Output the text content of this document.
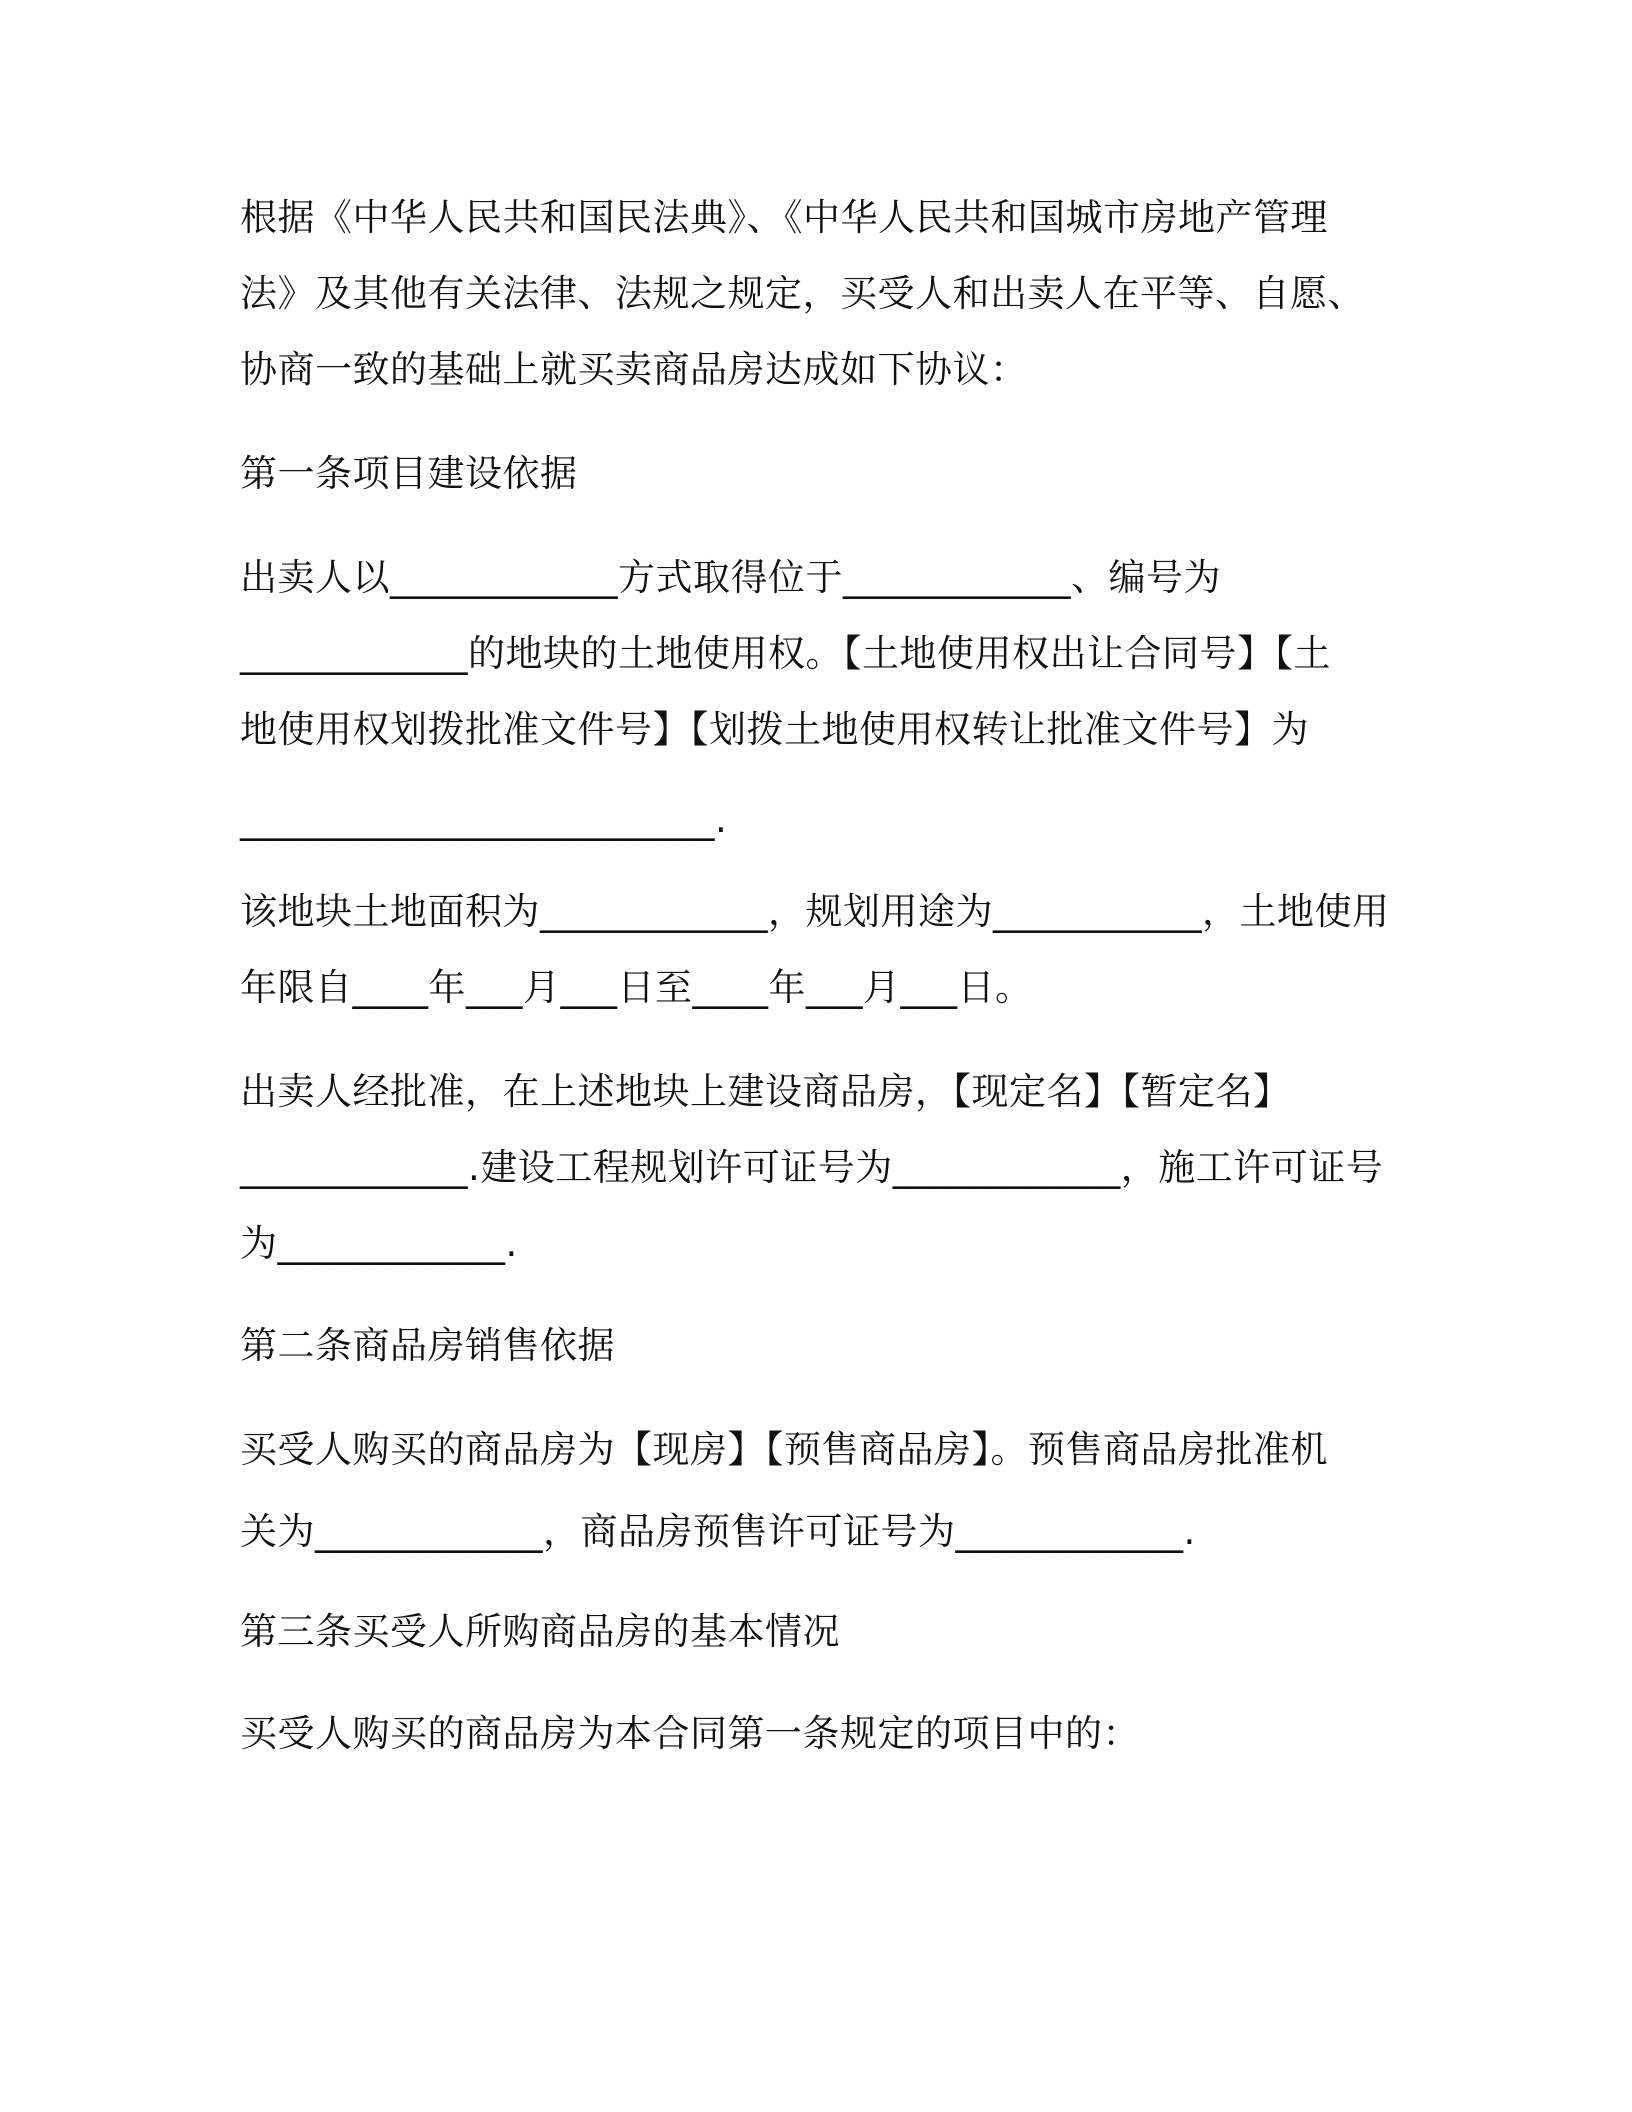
根据《中华人民共和国民法典》、《中华人民共和国城市房地产管理
法》及其他有关法律、法规之规定，买受人和出卖人在平等、自愿、
协商一致的基础上就买卖商品房达成如下协议：
第一条项目建设依据
出卖人以____________方式取得位于____________、编号为
____________的地块的土地使用权。【土地使用权出让合同号】【土
地使用权划拨批准文件号】【划拨土地使用权转让批准文件号】为
_________________________.
该地块土地面积为____________，规划用途为___________，土地使用
年限自____年___月___日至____年___月___日。
出卖人经批准，在上述地块上建设商品房，【现定名】【暂定名】
____________.建设工程规划许可证号为____________，施工许可证号
为____________.
第二条商品房销售依据
买受人购买的商品房为【现房】【预售商品房】。预售商品房批准机
关为____________，商品房预售许可证号为____________.
第三条买受人所购商品房的基本情况
买受人购买的商品房为本合同第一条规定的项目中的：
